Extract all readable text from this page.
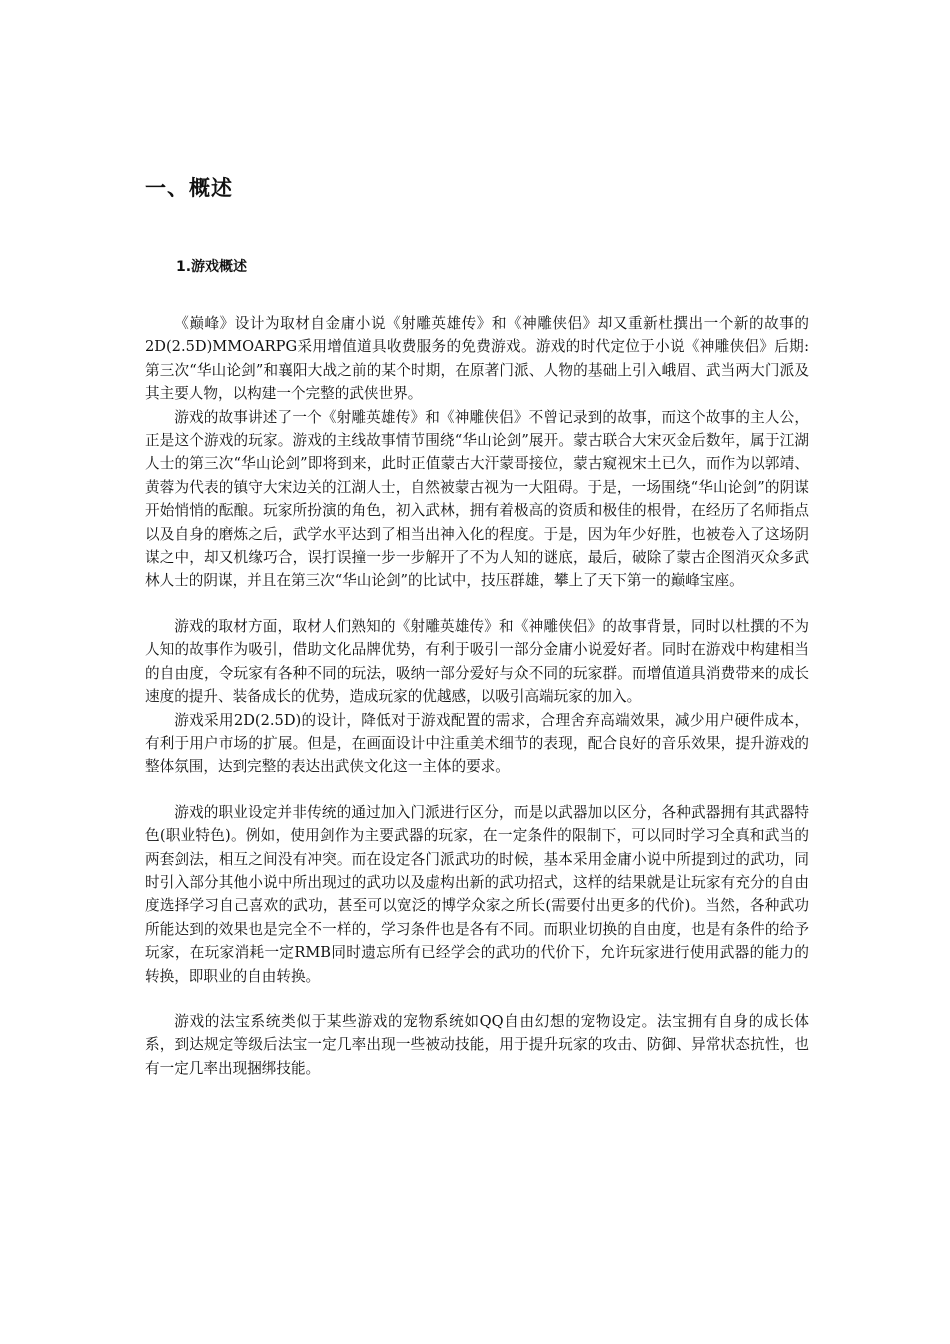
一、概述
1.游戏概述

《巅峰》设计为取材自金庸小说《射雕英雄传》和《神雕侠侣》却又重新杜撰出一个新的故事的2D(2.5D)MMOARPG采用增值道具收费服务的免费游戏。游戏的时代定位于小说《神雕侠侣》后期:第三次“华山论剑”和襄阳大战之前的某个时期，在原著门派、人物的基础上引入峨眉、武当两大门派及其主要人物，以构建一个完整的武侠世界。

游戏的故事讲述了一个《射雕英雄传》和《神雕侠侣》不曾记录到的故事，而这个故事的主人公，正是这个游戏的玩家。游戏的主线故事情节围绕“华山论剑”展开。蒙古联合大宋灭金后数年，属于江湖人士的第三次“华山论剑”即将到来，此时正值蒙古大汗蒙哥接位，蒙古窥视宋土已久，而作为以郭靖、黄蓉为代表的镇守大宋边关的江湖人士，自然被蒙古视为一大阻碍。于是，一场围绕“华山论剑”的阴谋开始悄悄的酝酿。玩家所扮演的角色，初入武林，拥有着极高的资质和极佳的根骨，在经历了名师指点以及自身的磨炼之后，武学水平达到了相当出神入化的程度。于是，因为年少好胜，也被卷入了这场阴谋之中，却又机缘巧合，误打误撞一步一步解开了不为人知的谜底，最后，破除了蒙古企图消灭众多武林人士的阴谋，并且在第三次“华山论剑”的比试中，技压群雄，攀上了天下第一的巅峰宝座。

游戏的取材方面，取材人们熟知的《射雕英雄传》和《神雕侠侣》的故事背景，同时以杜撰的不为人知的故事作为吸引，借助文化品牌优势，有利于吸引一部分金庸小说爱好者。同时在游戏中构建相当的自由度，令玩家有各种不同的玩法，吸纳一部分爱好与众不同的玩家群。而增值道具消费带来的成长速度的提升、装备成长的优势，造成玩家的优越感，以吸引高端玩家的加入。

游戏采用2D(2.5D)的设计，降低对于游戏配置的需求，合理舍弃高端效果，减少用户硬件成本，有利于用户市场的扩展。但是，在画面设计中注重美术细节的表现，配合良好的音乐效果，提升游戏的整体氛围，达到完整的表达出武侠文化这一主体的要求。

游戏的职业设定并非传统的通过加入门派进行区分，而是以武器加以区分，各种武器拥有其武器特色(职业特色)。例如，使用剑作为主要武器的玩家，在一定条件的限制下，可以同时学习全真和武当的两套剑法，相互之间没有冲突。而在设定各门派武功的时候，基本采用金庸小说中所提到过的武功，同时引入部分其他小说中所出现过的武功以及虚构出新的武功招式，这样的结果就是让玩家有充分的自由度选择学习自己喜欢的武功，甚至可以宽泛的博学众家之所长(需要付出更多的代价)。当然，各种武功所能达到的效果也是完全不一样的，学习条件也是各有不同。而职业切换的自由度，也是有条件的给予玩家，在玩家消耗一定RMB同时遗忘所有已经学会的武功的代价下，允许玩家进行使用武器的能力的转换，即职业的自由转换。

游戏的法宝系统类似于某些游戏的宠物系统如QQ自由幻想的宠物设定。法宝拥有自身的成长体系，到达规定等级后法宝一定几率出现一些被动技能，用于提升玩家的攻击、防御、异常状态抗性，也有一定几率出现捆绑技能。
